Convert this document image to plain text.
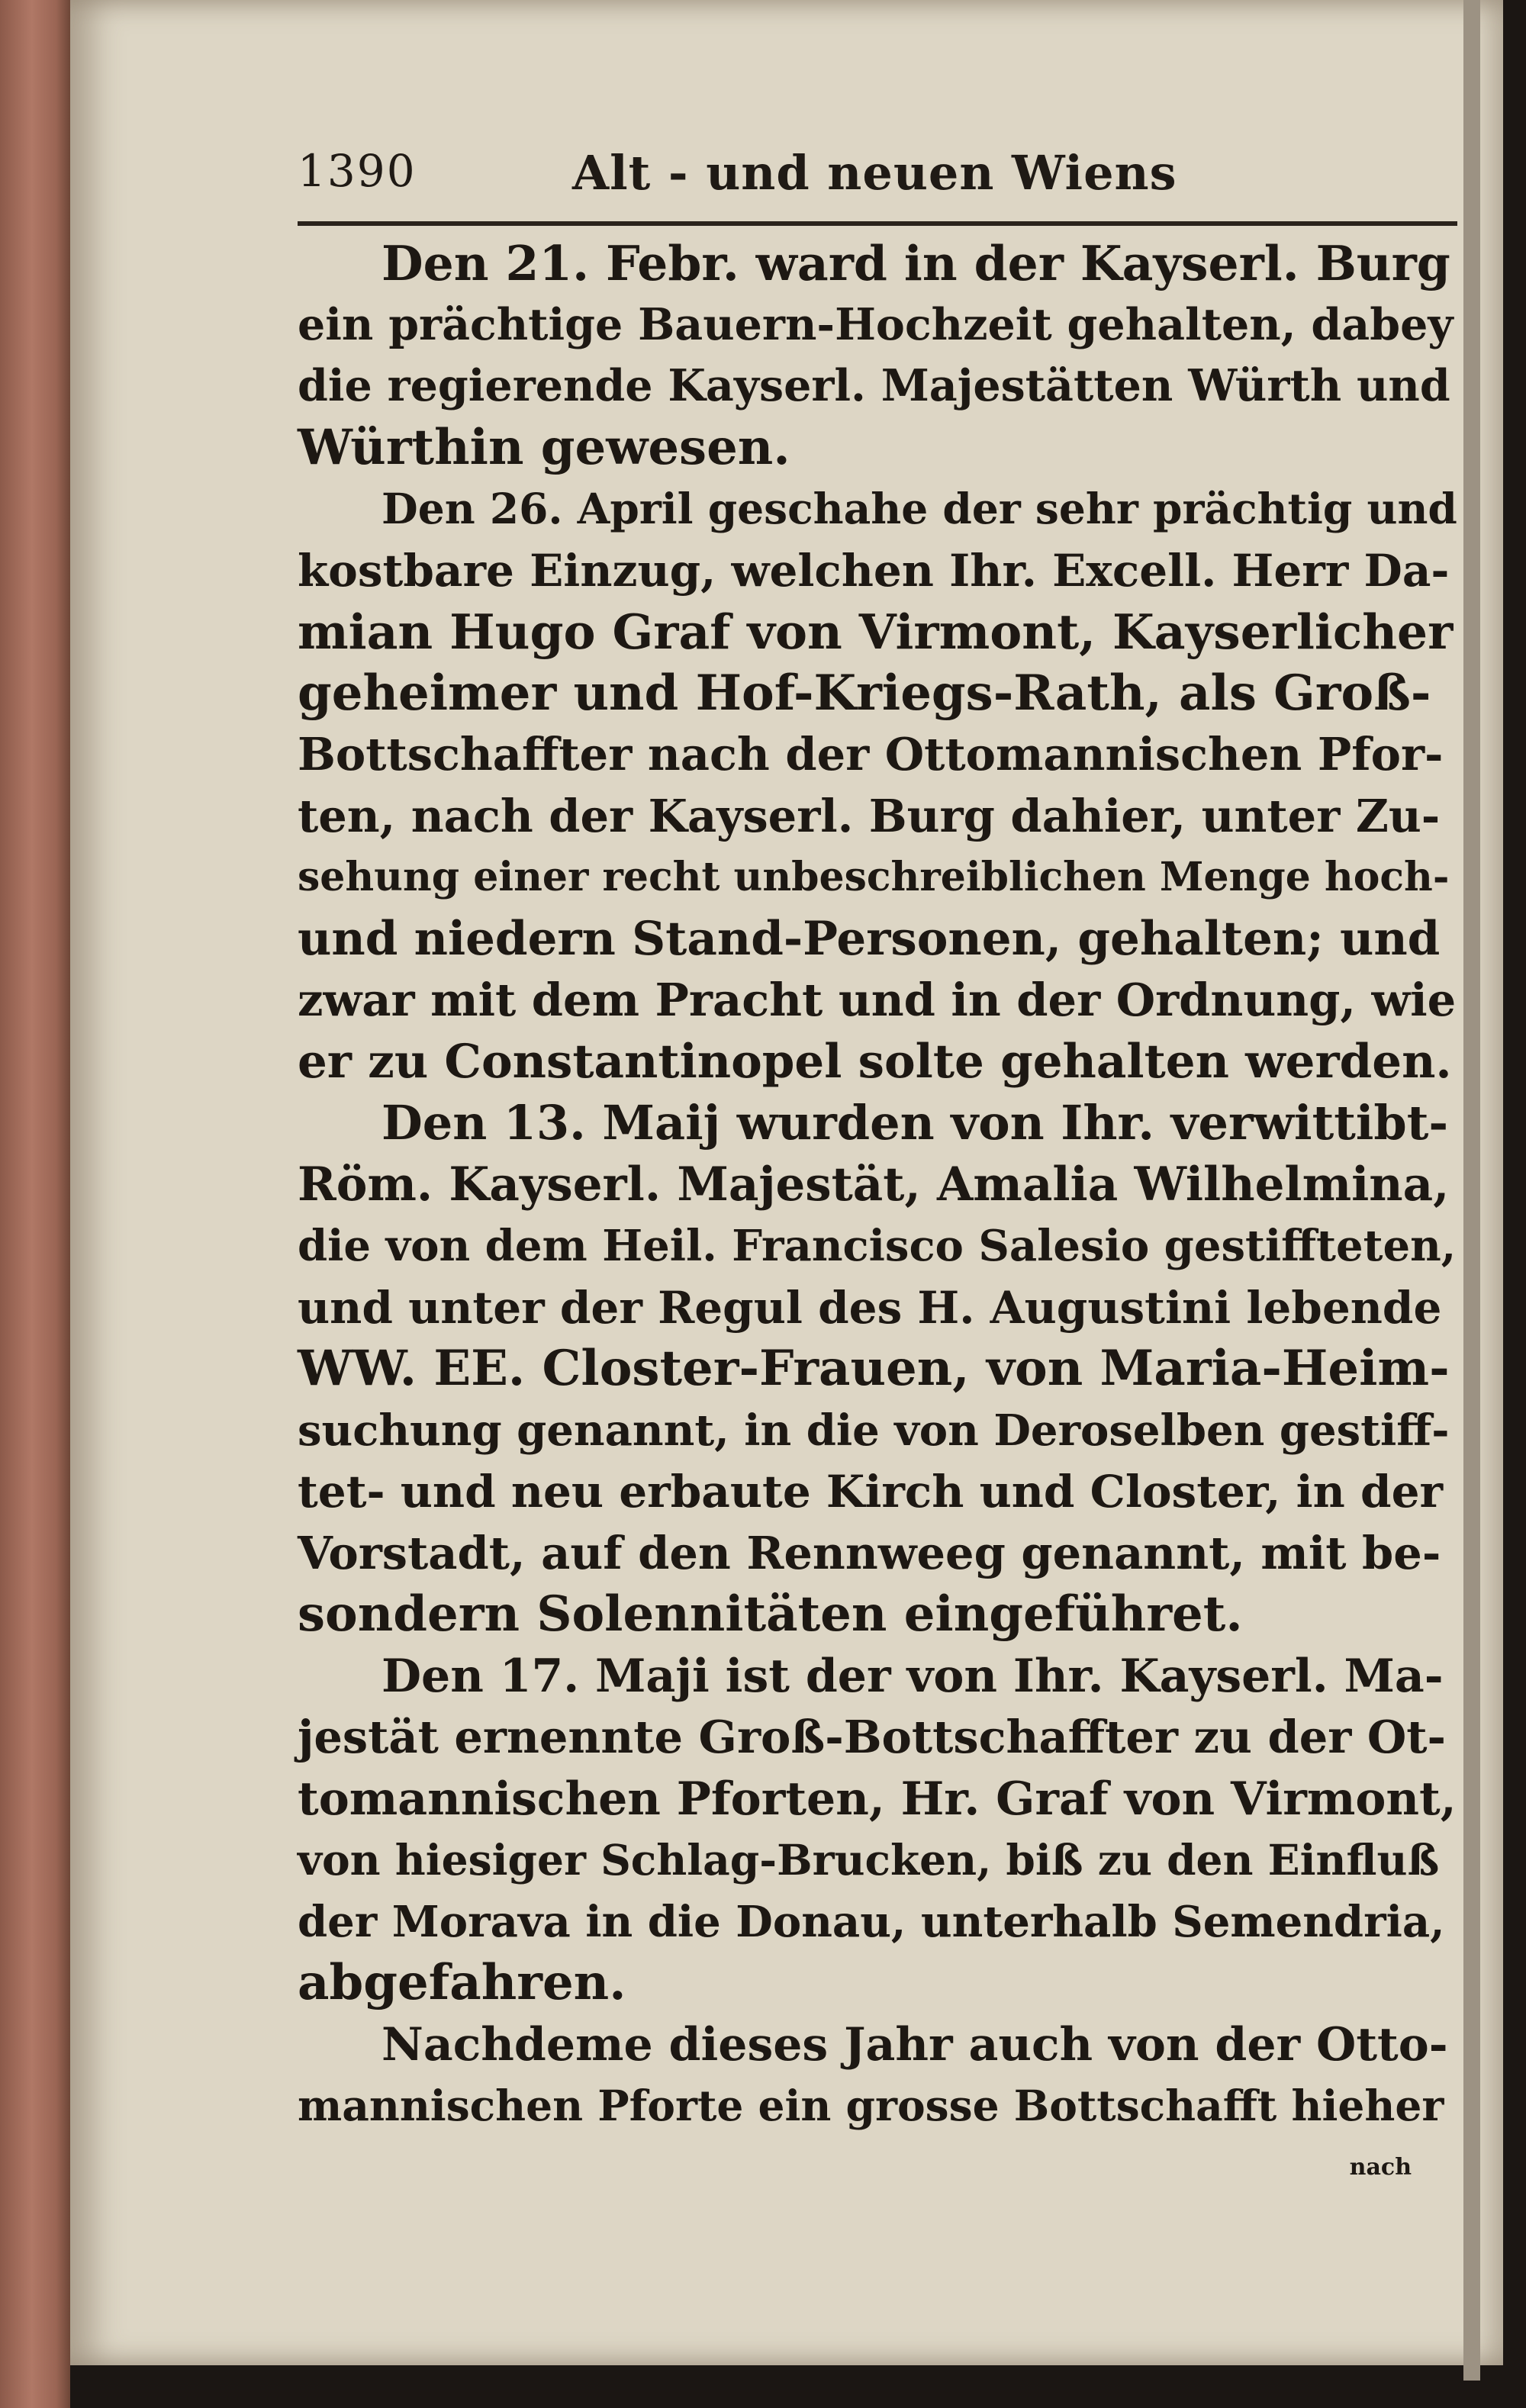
1390	Alt - und neuen Wiens
Den 21. Febr. ward in der Kayserl. Burg
ein prächtige Bauern-Hochzeit gehalten, dabey
die regierende Kayserl. Majestätten Würth und
Würthin gewesen.
Den 26. April geschahe der sehr prächtig und
kostbare Einzug, welchen Ihr. Excell. Herr Da-
mian Hugo Graf von Virmont, Kayserlicher
geheimer und Hof-Kriegs-Rath, als Groß-
Bottschaffter nach der Ottomannischen Pfor-
ten, nach der Kayserl. Burg dahier, unter Zu-
sehung einer recht unbeschreiblichen Menge hoch-
und niedern Stand-Personen, gehalten; und
zwar mit dem Pracht und in der Ordnung, wie
er zu Constantinopel solte gehalten werden.
Den 13. Maij wurden von Ihr. verwittibt-
Röm. Kayserl. Majestät, Amalia Wilhelmina,
die von dem Heil. Francisco Salesio gestiffteten,
und unter der Regul des H. Augustini lebende
WW. EE. Closter-Frauen, von Maria-Heim-
suchung genannt, in die von Deroselben gestiff-
tet- und neu erbaute Kirch und Closter, in der
Vorstadt, auf den Rennweeg genannt, mit be-
sondern Solennitäten eingeführet.
Den 17. Maji ist der von Ihr. Kayserl. Ma-
jestät ernennte Groß-Bottschaffter zu der Ot-
tomannischen Pforten, Hr. Graf von Virmont,
von hiesiger Schlag-Brucken, biß zu den Einfluß
der Morava in die Donau, unterhalb Semendria,
abgefahren.
Nachdeme dieses Jahr auch von der Otto-
mannischen Pforte ein grosse Bottschafft hieher
nach
